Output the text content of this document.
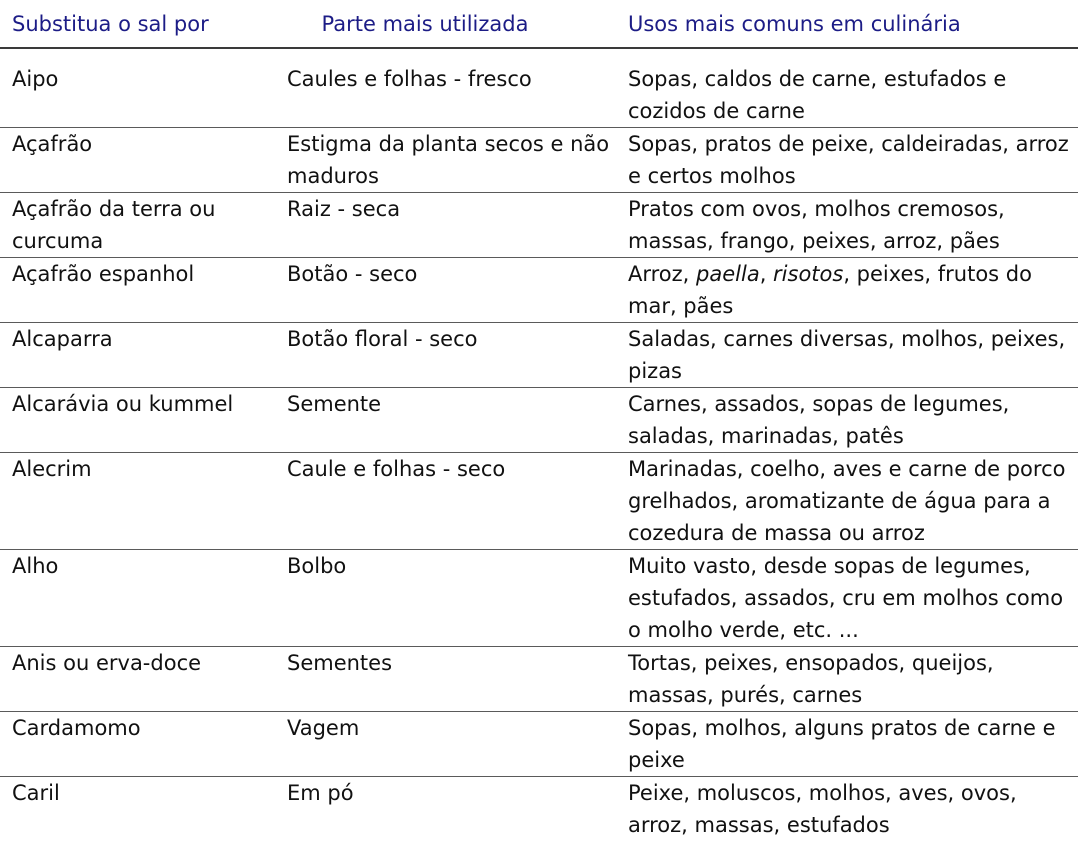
Substitua o sal por	Parte mais utilizada	Usos mais comuns em culinária
Aipo	Caules e folhas - fresco	Sopas, caldos de carne, estufados e cozidos de carne
Açafrão	Estigma da planta secos e não maduros	Sopas, pratos de peixe, caldeiradas, arroz e certos molhos
Açafrão da terra ou curcuma	Raiz - seca	Pratos com ovos, molhos cremosos, massas, frango, peixes, arroz, pães
Açafrão espanhol	Botão - seco	Arroz, paella, risotos, peixes, frutos do mar, pães
Alcaparra	Botão floral - seco	Saladas, carnes diversas, molhos, peixes, pizas
Alcarávia ou kummel	Semente	Carnes, assados, sopas de legumes, saladas, marinadas, patês
Alecrim	Caule e folhas - seco	Marinadas, coelho, aves e carne de porco grelhados, aromatizante de água para a cozedura de massa ou arroz
Alho	Bolbo	Muito vasto, desde sopas de legumes, estufados, assados, cru em molhos como o molho verde, etc. ...
Anis ou erva-doce	Sementes	Tortas, peixes, ensopados, queijos, massas, purés, carnes
Cardamomo	Vagem	Sopas, molhos, alguns pratos de carne e peixe
Caril	Em pó	Peixe, moluscos, molhos, aves, ovos, arroz, massas, estufados
